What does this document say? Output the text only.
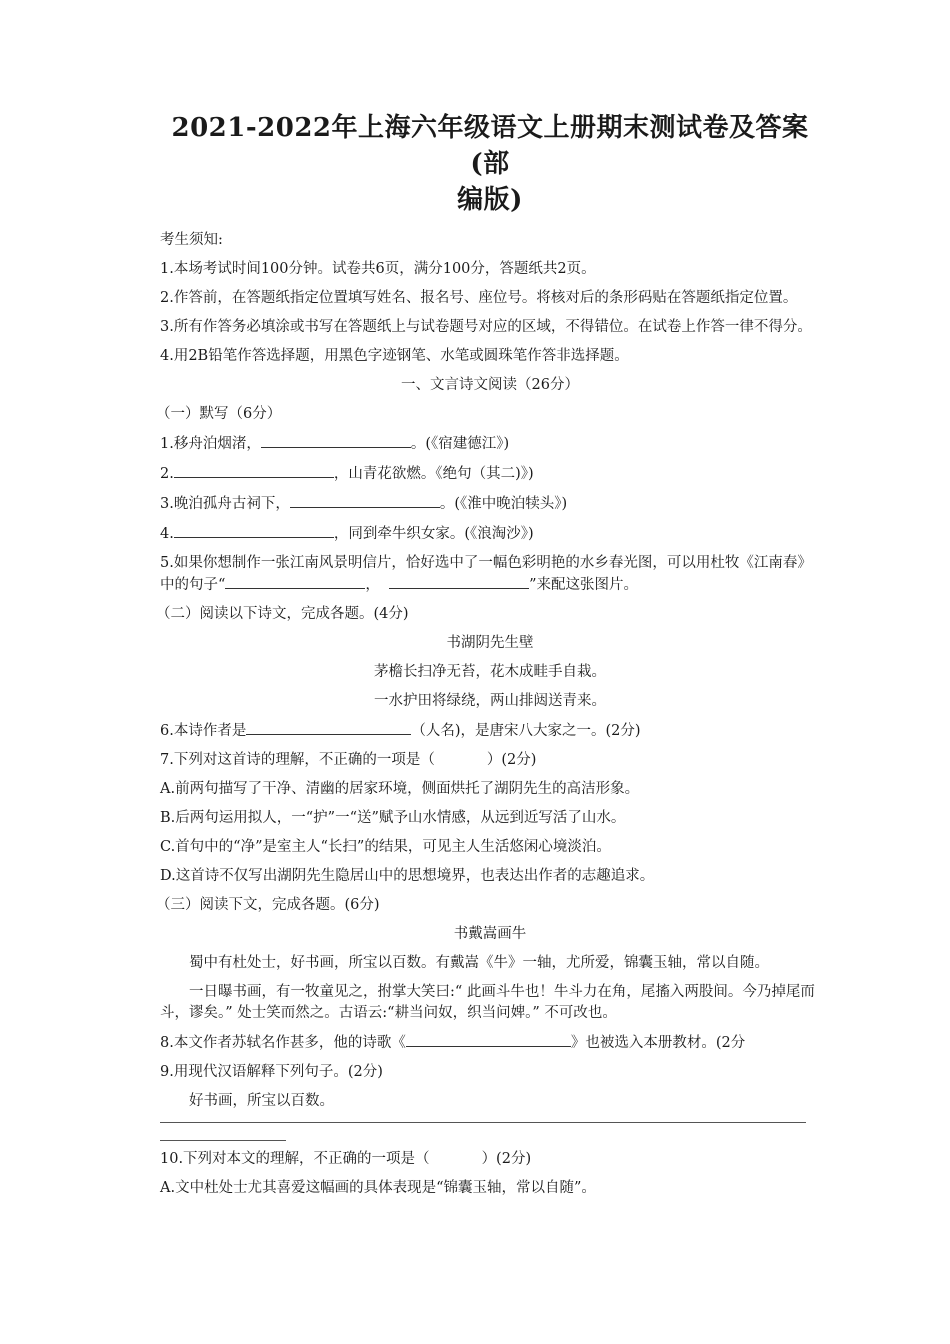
2021-2022年上海六年级语文上册期末测试卷及答案(部
编版)

考生须知:

1.本场考试时间100分钟。试卷共6页，满分100分，答题纸共2页。

2.作答前，在答题纸指定位置填写姓名、报名号、座位号。将核对后的条形码贴在答题纸指定位置。

3.所有作答务必填涂或书写在答题纸上与试卷题号对应的区域，不得错位。在试卷上作答一律不得分。

4.用2B铅笔作答选择题，用黑色字迹钢笔、水笔或圆珠笔作答非选择题。

一、文言诗文阅读（26分）

（一）默写（6分）

1.移舟泊烟渚，	。(《宿建德江》)

2.	，山青花欲燃。《绝句（其二)》)

3.晚泊孤舟古祠下，	。(《淮中晚泊犊头》)

4.	，同到牵牛织女家。(《浪淘沙》)

5.如果你想制作一张江南风景明信片，恰好选中了一幅色彩明艳的水乡春光图，可以用杜牧《江南春》中的句子“	，	”来配这张图片。

（二）阅读以下诗文，完成各题。(4分)

书湖阴先生壁

茅檐长扫净无苔，花木成畦手自栽。

一水护田将绿绕，两山排闼送青来。

6.本诗作者是	（人名)，是唐宋八大家之一。(2分)

7.下列对这首诗的理解，不正确的一项是（	）(2分)

A.前两句描写了干净、清幽的居家环境，侧面烘托了湖阴先生的高洁形象。

B.后两句运用拟人，一“护”一“送”赋予山水情感，从远到近写活了山水。

C.首句中的“净”是室主人“长扫”的结果，可见主人生活悠闲心境淡泊。

D.这首诗不仅写出湖阴先生隐居山中的思想境界，也表达出作者的志趣追求。

（三）阅读下文，完成各题。(6分)

书戴嵩画牛

蜀中有杜处士，好书画，所宝以百数。有戴嵩《牛》一轴，尤所爱，锦囊玉轴，常以自随。

一日曝书画，有一牧童见之，拊掌大笑曰:“ 此画斗牛也！牛斗力在角，尾搐入两股间。今乃掉尾而斗，谬矣。” 处士笑而然之。古语云:“耕当问奴，织当问婢。” 不可改也。

8.本文作者苏轼名作甚多，他的诗歌《	》也被选入本册教材。(2分

9.用现代汉语解释下列句子。(2分)

好书画，所宝以百数。

10.下列对本文的理解，不正确的一项是（	）(2分)

A.文中杜处士尤其喜爱这幅画的具体表现是“锦囊玉轴，常以自随”。
